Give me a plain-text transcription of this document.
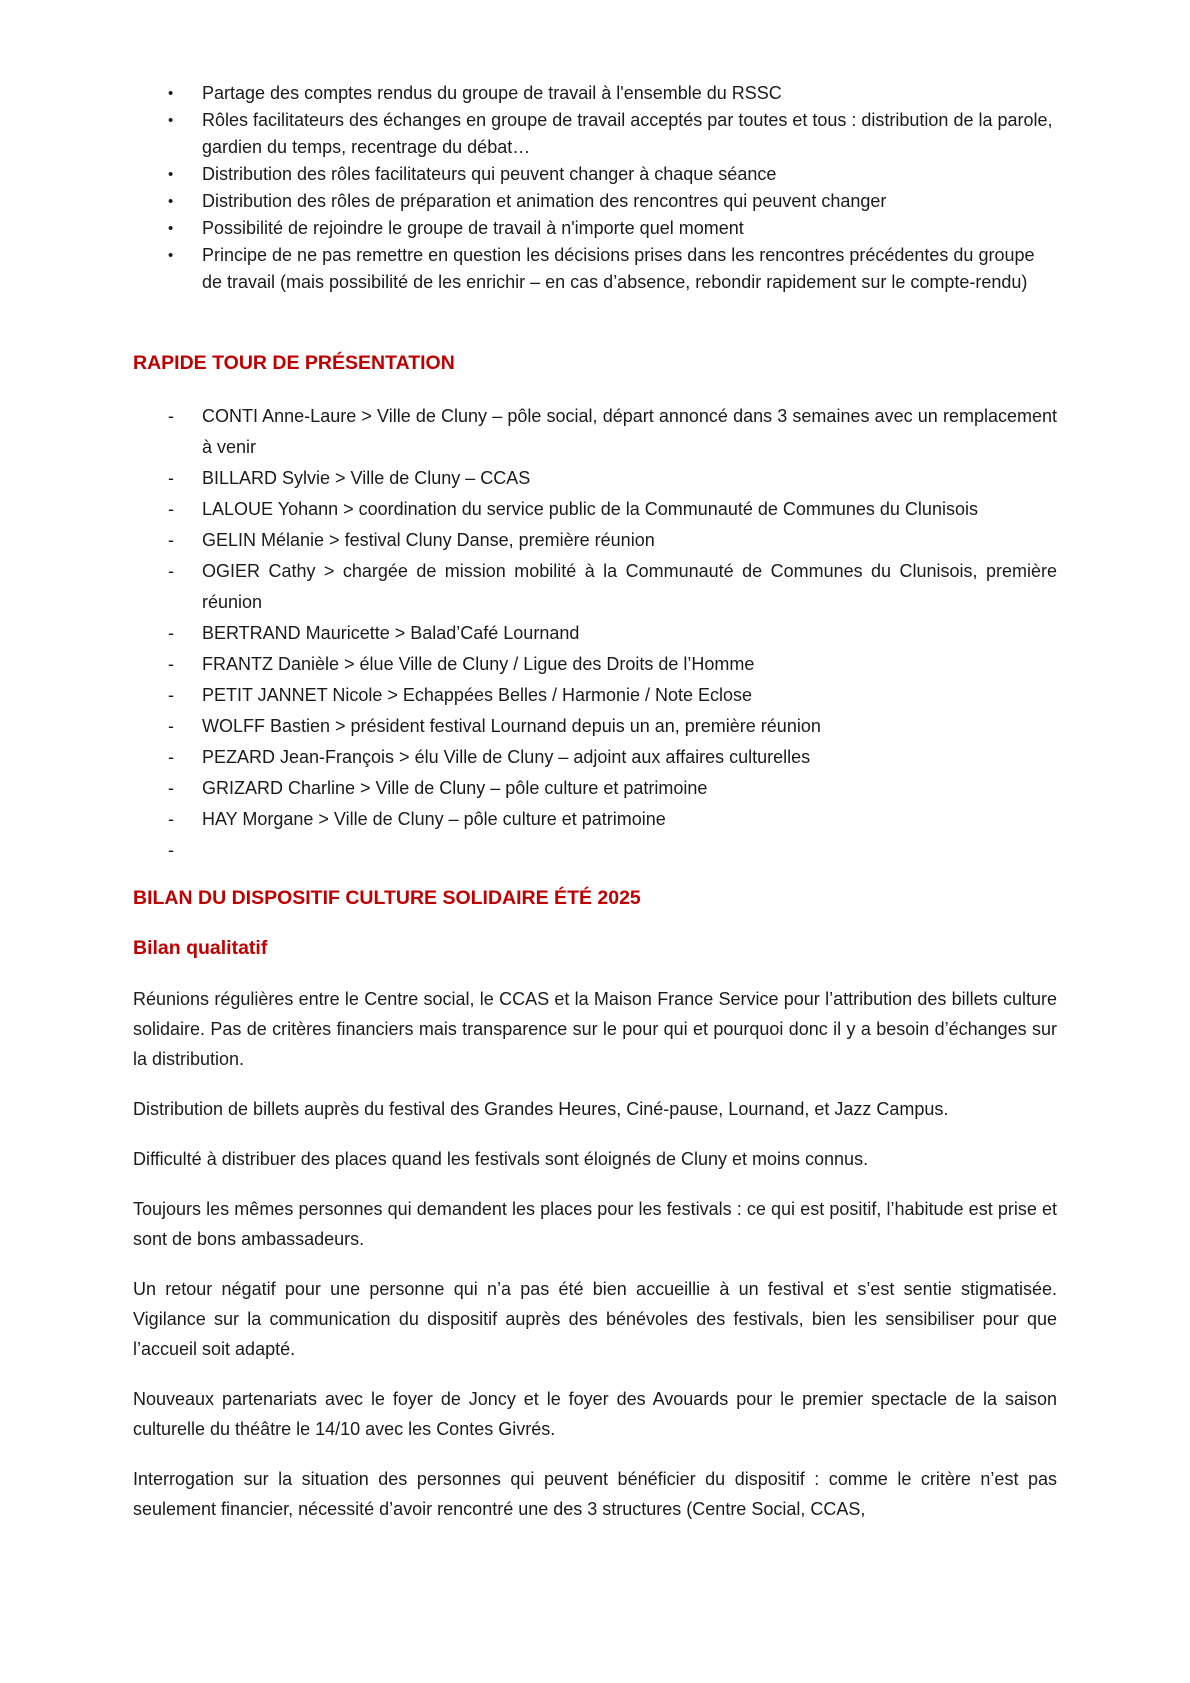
•	Partage des comptes rendus du groupe de travail à l'ensemble du RSSC
•	Rôles facilitateurs des échanges en groupe de travail acceptés par toutes et tous : distribution de la parole, gardien du temps, recentrage du débat…
•	Distribution des rôles facilitateurs qui peuvent changer à chaque séance
•	Distribution des rôles de préparation et animation des rencontres qui peuvent changer
•	Possibilité de rejoindre le groupe de travail à n'importe quel moment
•	Principe de ne pas remettre en question les décisions prises dans les rencontres précédentes du groupe de travail (mais possibilité de les enrichir – en cas d’absence, rebondir rapidement sur le compte-rendu)
RAPIDE TOUR DE PRÉSENTATION
-	CONTI Anne-Laure > Ville de Cluny – pôle social, départ annoncé dans 3 semaines avec un remplacement à venir
-	BILLARD Sylvie > Ville de Cluny – CCAS
-	LALOUE Yohann > coordination du service public de la Communauté de Communes du Clunisois
-	GELIN Mélanie > festival Cluny Danse, première réunion
-	OGIER Cathy > chargée de mission mobilité à la Communauté de Communes du Clunisois, première réunion
-	BERTRAND Mauricette > Balad’Café Lournand
-	FRANTZ Danièle > élue Ville de Cluny / Ligue des Droits de l’Homme
-	PETIT JANNET Nicole > Echappées Belles / Harmonie / Note Eclose
-	WOLFF Bastien > président festival Lournand depuis un an, première réunion
-	PEZARD Jean-François > élu Ville de Cluny – adjoint aux affaires culturelles
-	GRIZARD Charline > Ville de Cluny – pôle culture et patrimoine
-	HAY Morgane > Ville de Cluny – pôle culture et patrimoine
-
BILAN DU DISPOSITIF CULTURE SOLIDAIRE ÉTÉ 2025
Bilan qualitatif

Réunions régulières entre le Centre social, le CCAS et la Maison France Service pour l’attribution des billets culture solidaire. Pas de critères financiers mais transparence sur le pour qui et pourquoi donc il y a besoin d’échanges sur la distribution.

Distribution de billets auprès du festival des Grandes Heures, Ciné-pause, Lournand, et Jazz Campus.

Difficulté à distribuer des places quand les festivals sont éloignés de Cluny et moins connus.

Toujours les mêmes personnes qui demandent les places pour les festivals : ce qui est positif, l’habitude est prise et sont de bons ambassadeurs.

Un retour négatif pour une personne qui n’a pas été bien accueillie à un festival et s’est sentie stigmatisée. Vigilance sur la communication du dispositif auprès des bénévoles des festivals, bien les sensibiliser pour que l’accueil soit adapté.

Nouveaux partenariats avec le foyer de Joncy et le foyer des Avouards pour le premier spectacle de la saison culturelle du théâtre le 14/10 avec les Contes Givrés.

Interrogation sur la situation des personnes qui peuvent bénéficier du dispositif : comme le critère n’est pas seulement financier, nécessité d’avoir rencontré une des 3 structures (Centre Social, CCAS,
